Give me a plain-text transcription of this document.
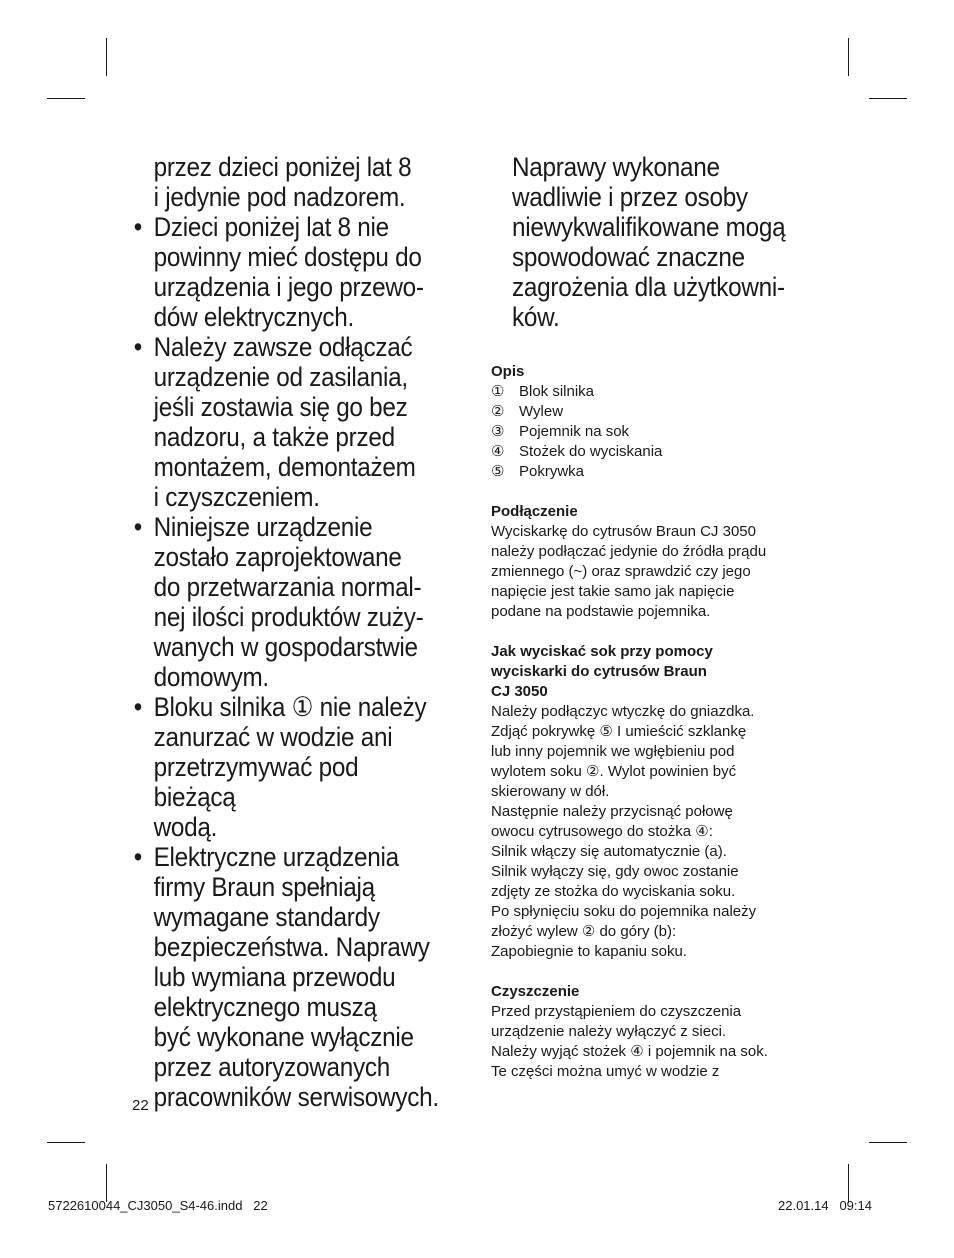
przez dzieci poniżej lat 8
i jedynie pod nadzorem.

• Dzieci poniżej lat 8 nie
powinny mieć dostępu do
urządzenia i jego przewo-
dów elektrycznych.
• Należy zawsze odłączać
urządzenie od zasilania,
jeśli zostawia się go bez
nadzoru, a także przed
montażem, demontażem
i czyszczeniem.
• Niniejsze urządzenie
zostało zaprojektowane
do przetwarzania normal-
nej ilości produktów zuży-
wanych w gospodarstwie
domowym.
• Bloku silnika ① nie należy
zanurzać w wodzie ani
przetrzymywać pod bieżącą
wodą.
• Elektryczne urządzenia
firmy Braun spełniają
wymagane standardy
bezpieczeństwa. Naprawy
lub wymiana przewodu
elektrycznego muszą
być wykonane wyłącznie
przez autoryzowanych
pracowników serwisowych.

Naprawy wykonane
wadliwie i przez osoby
niewykwalifikowane mogą
spowodować znaczne
zagrożenia dla użytkowni-
ków.

Opis

① Blok silnika
② Wylew
③ Pojemnik na sok
④ Stożek do wyciskania
⑤ Pokrywka

Podłączenie

Wyciskarkę do cytrusów Braun CJ 3050
należy podłączać jedynie do źródła prądu
zmiennego (~) oraz sprawdzić czy jego
napięcie jest takie samo jak napięcie
podane na podstawie pojemnika.

Jak wyciskać sok przy pomocy
wyciskarki do cytrusów Braun
CJ 3050

Należy podłączyc wtyczkę do gniazdka.
Zdjąć pokrywkę ⑤ I umieścić szklankę
lub inny pojemnik we wgłębieniu pod
wylotem soku ②. Wylot powinien być
skierowany w dół.
Następnie należy przycisnąć połowę
owocu cytrusowego do stożka ④:
Silnik włączy się automatycznie (a).
Silnik wyłączy się, gdy owoc zostanie
zdjęty ze stożka do wyciskania soku.
Po spłynięciu soku do pojemnika należy
złożyć wylew ② do góry (b):
Zapobiegnie to kapaniu soku.

Czyszczenie

Przed przystąpieniem do czyszczenia
urządzenie należy wyłączyć z sieci.
Należy wyjąć stożek ④ i pojemnik na sok.
Te części można umyć w wodzie z

22
5722610044_CJ3050_S4-46.indd   22	22.01.14   09:14
